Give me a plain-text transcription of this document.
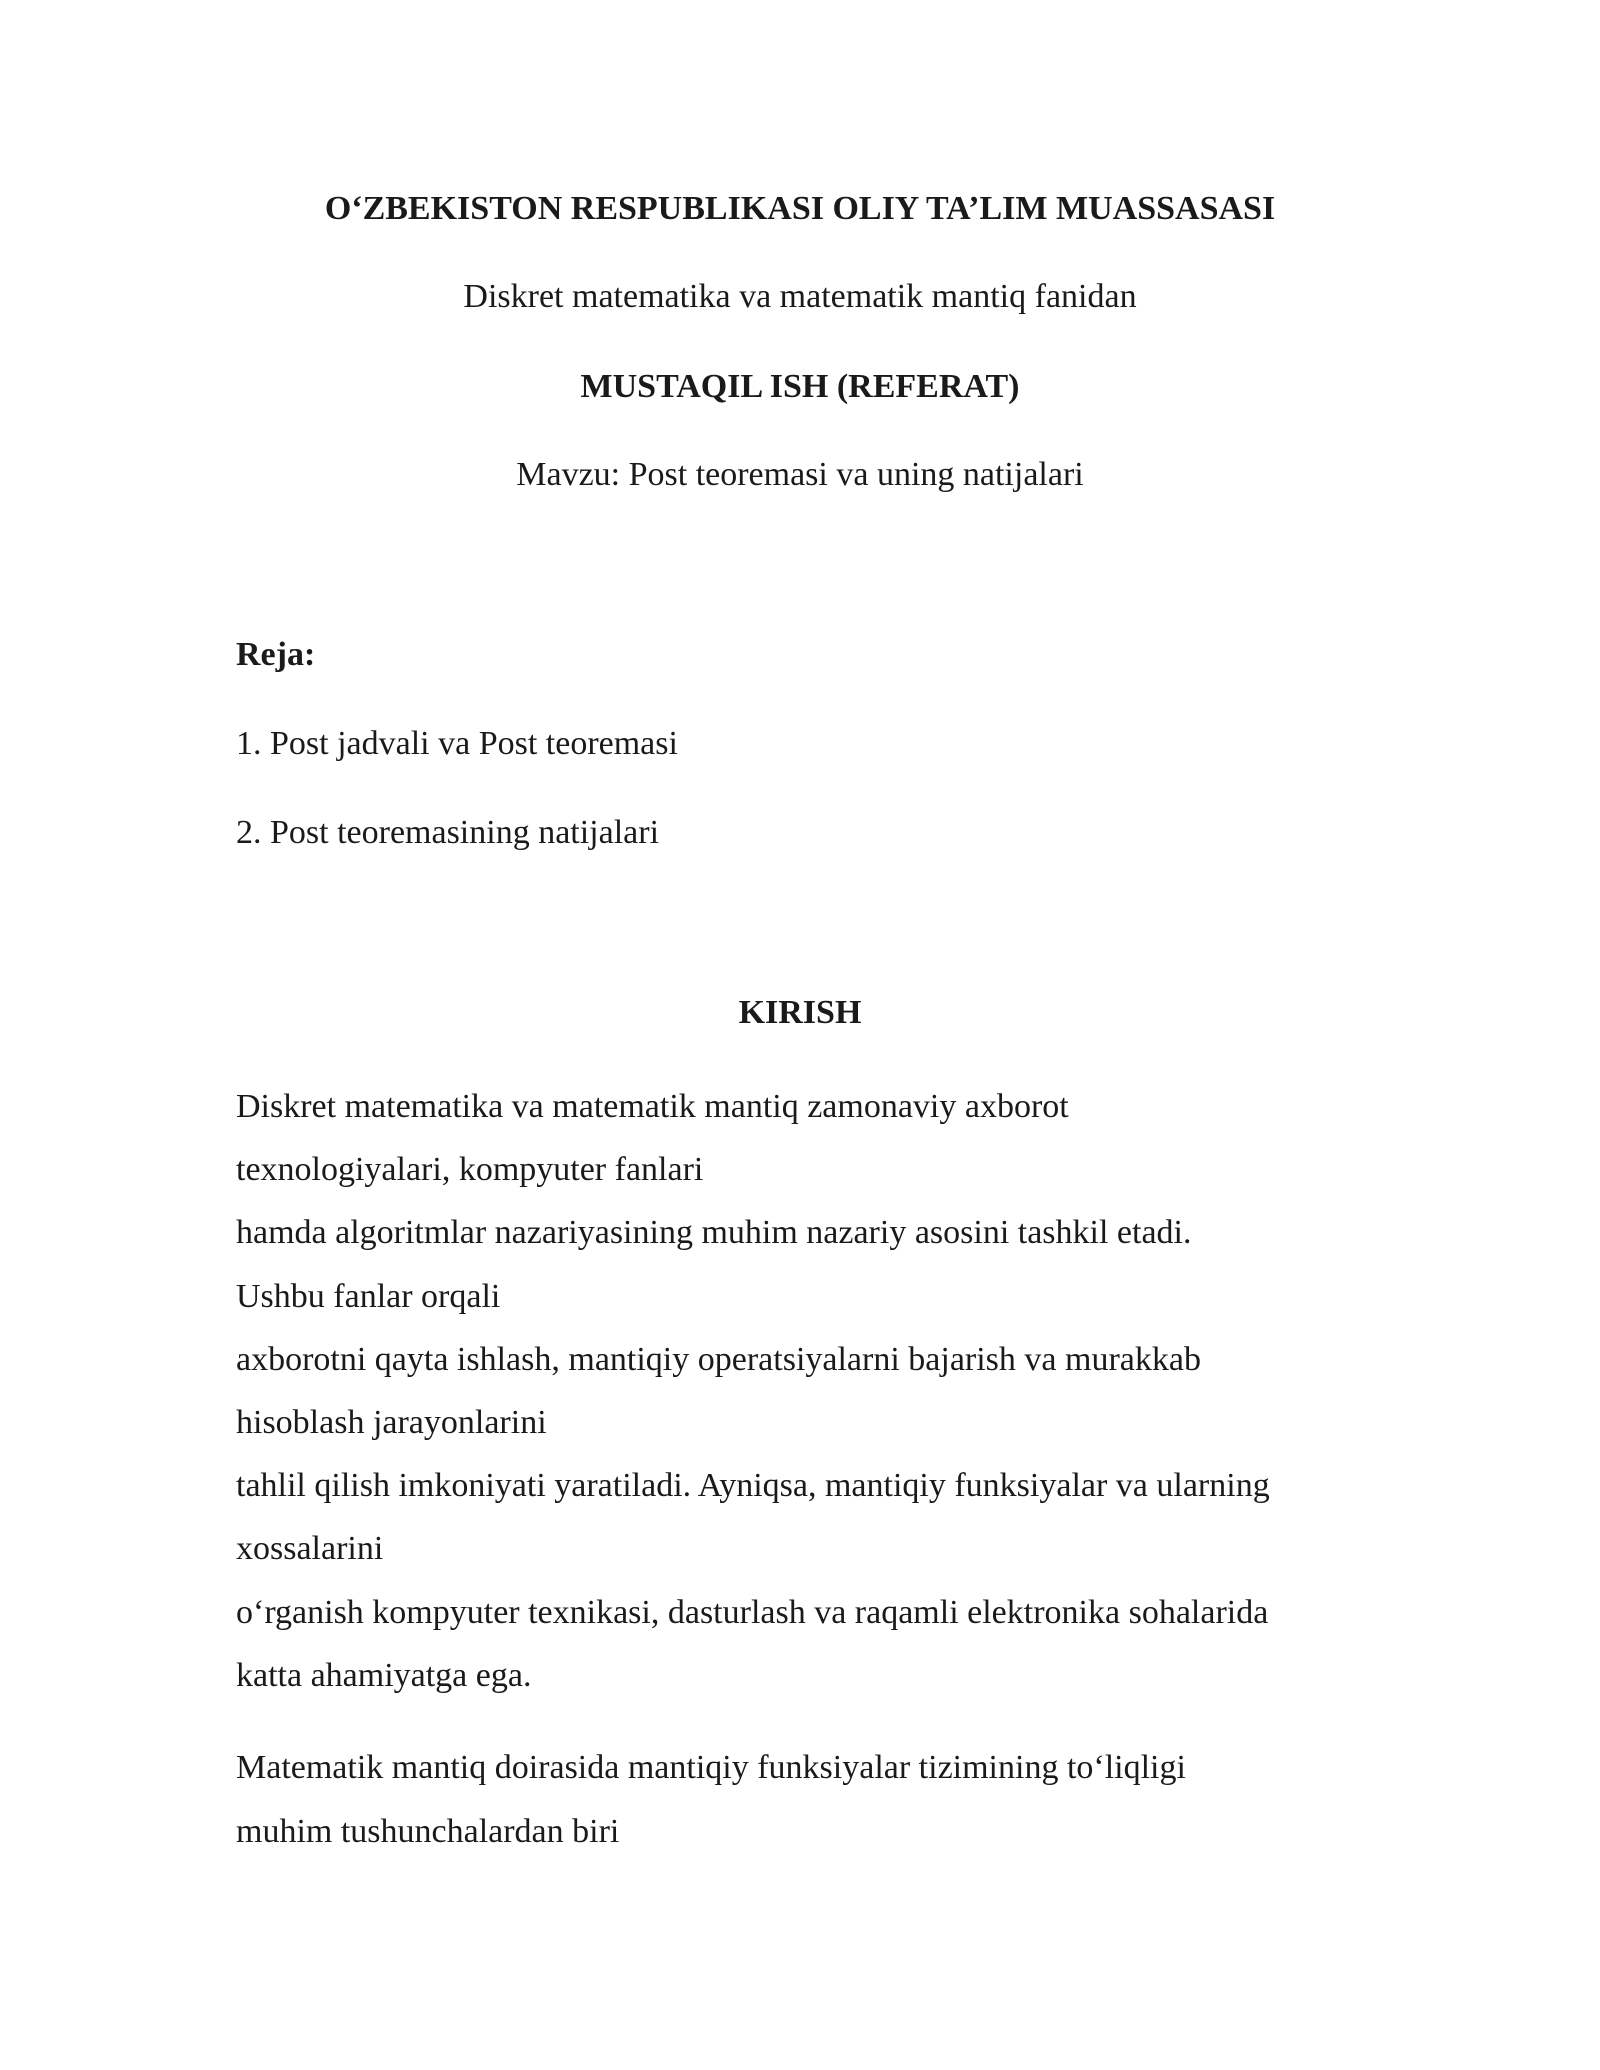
O‘ZBEKISTON RESPUBLIKASI OLIY TA’LIM MUASSASASI
Diskret matematika va matematik mantiq fanidan
MUSTAQIL ISH (REFERAT)
Mavzu: Post teoremasi va uning natijalari
Reja:
1. Post jadvali va Post teoremasi
2. Post teoremasining natijalari
KIRISH
Diskret matematika va matematik mantiq zamonaviy axborot
texnologiyalari, kompyuter fanlari
hamda algoritmlar nazariyasining muhim nazariy asosini tashkil etadi.
Ushbu fanlar orqali
axborotni qayta ishlash, mantiqiy operatsiyalarni bajarish va murakkab
hisoblash jarayonlarini
tahlil qilish imkoniyati yaratiladi. Ayniqsa, mantiqiy funksiyalar va ularning
xossalarini
o‘rganish kompyuter texnikasi, dasturlash va raqamli elektronika sohalarida
katta ahamiyatga ega.
Matematik mantiq doirasida mantiqiy funksiyalar tizimining to‘liqligi
muhim tushunchalardan biri
